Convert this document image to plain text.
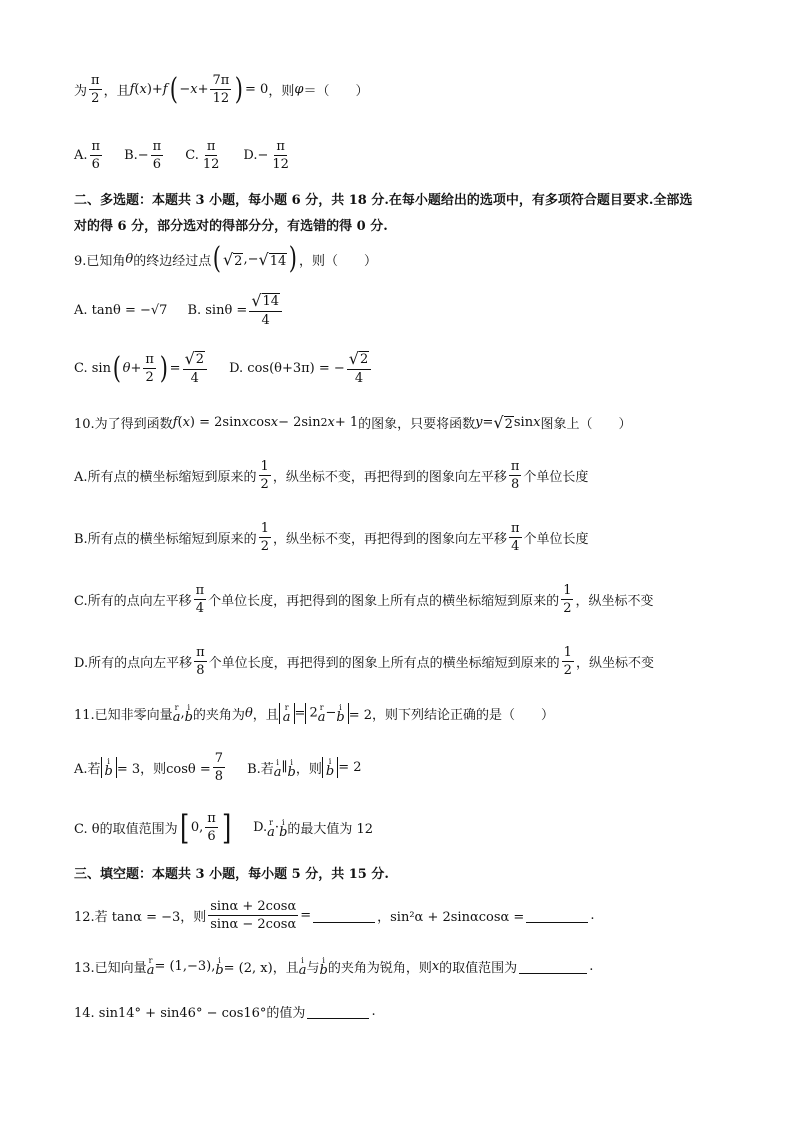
为 $\frac{\pi}{2}$ ，且 f ( x )+ f ( $-x+ \frac{7\pi}{12}$ ) = 0 ，则 φ ＝（　　）
A. $\frac{\pi}{6} B$. − $\frac{\pi}{6} C$. $\frac{\pi}{12} D$. − $\frac{\pi}{12}$
二、多选题：本题共 3 小题，每小题 6 分，共 18 分.在每小题给出的选项中，有多项符合题目要求.全部选
对的得 6 分，部分选对的得部分分，有选错的得 0 分.
9.已知角 θ 的终边经过点 ( √ 2 ,− √ 14 ) ，则（　　）
A. tanθ = −√7 B. $\sin\theta = \frac{√ 14}{4}$
C. sin ( $\theta + \frac{\pi}{2}$ ) = $\frac{√ 2}{4} D$. cos(θ+3π) = − $\frac{√ 2}{4}$
10.为了得到函数 f ( x ) = 2sin x cos x − 2sin 2 x + 1 的图象，只要将函数 y = √ 2 sin x 图象上（　　）
A.所有点的横坐标缩短到原来的 $\frac{1}{2}$ ，纵坐标不变，再把得到的图象向左平移 $\frac{\pi}{8}$ 个单位长度
B.所有点的横坐标缩短到原来的 $\frac{1}{2}$ ，纵坐标不变，再把得到的图象向左平移 $\frac{\pi}{4}$ 个单位长度
C.所有的点向左平移 $\frac{\pi}{4}$ 个单位长度，再把得到的图象上所有点的横坐标缩短到原来的 $\frac{1}{2}$ ，纵坐标不变
D.所有的点向左平移 $\frac{\pi}{8}$ 个单位长度，再把得到的图象上所有点的横坐标缩短到原来的 $\frac{1}{2}$ ，纵坐标不变
11.已知非零向量 r
a , i
b 的夹角为 θ ，且
r
a = 2 r
a − i
b = 2，则下列结论正确的是（　　）
A.若
i
b = 3，则$\cos\theta = \frac{7}{8} B$.若 i
a ∥ i
b ，则
i
b = 2
C. θ的取值范围为 [ 0, $\frac{\pi}{6}$ ] D. r
a · i
b 的最大值为 12
三、填空题：本题共 3 小题，每小题 5 分，共 15 分.
12.若 tanα = −3，则 $\frac{\sin\alpha + 2\cos\alpha}{\sin\alpha - 2\cos\alpha}$ =	，sin²α + 2sinαcosα =	.
13.已知向量 r
a = (1,−3), i
b = (2, x)，且 i
a 与 i
b 的夹角为锐角，则 x 的取值范围为	.
14. sin14° + sin46° − cos16°的值为	.
